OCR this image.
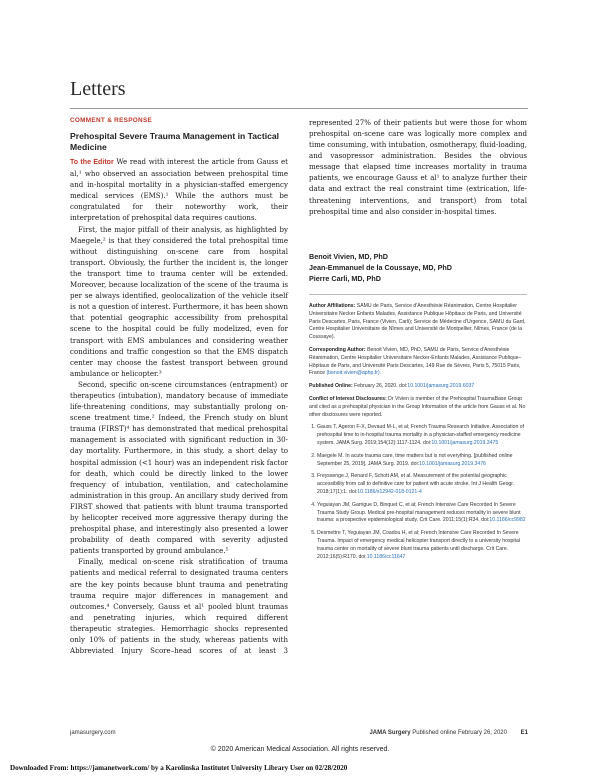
Letters
COMMENT & RESPONSE
Prehospital Severe Trauma Management in Tactical Medicine

To the Editor We read with interest the article from Gauss et al,¹ who observed an association between prehospital time and in-hospital mortality in a physician-staffed emergency medical services (EMS).¹ While the authors must be congratulated for their noteworthy work, their interpretation of prehospital data requires cautions.

First, the major pitfall of their analysis, as highlighted by Maegele,² is that they considered the total prehospital time without distinguishing on-scene care from hospital transport. Obviously, the further the incident is, the longer the transport time to trauma center will be extended. Moreover, because localization of the scene of the trauma is per se always identified, geolocalization of the vehicle itself is not a question of interest. Furthermore, it has been shown that potential geographic accessibility from prehospital scene to the hospital could be fully modelized, even for transport with EMS ambulances and considering weather conditions and traffic congestion so that the EMS dispatch center may choose the fastest transport between ground ambulance or helicopter.³

Second, specific on-scene circumstances (entrapment) or therapeutics (intubation), mandatory because of immediate life-threatening conditions, may substantially prolong on-scene treatment time.² Indeed, the French study on blunt trauma (FIRST)⁴ has demonstrated that medical prehospital management is associated with significant reduction in 30-day mortality. Furthermore, in this study, a short delay to hospital admission (<1 hour) was an independent risk factor for death, which could be directly linked to the lower frequency of intubation, ventilation, and catecholamine administration in this group. An ancillary study derived from FIRST showed that patients with blunt trauma transported by helicopter received more aggressive therapy during the prehospital phase, and interestingly also presented a lower probability of death compared with severity adjusted patients transported by ground ambulance.⁵

Finally, medical on-scene risk stratification of trauma patients and medical referral to designated trauma centers are the key points because blunt trauma and penetrating trauma require major differences in management and outcomes.⁴ Conversely, Gauss et al¹ pooled blunt traumas and penetrating injuries, which required different therapeutic strategies. Hemorrhagic shocks represented only 10% of patients in the study, whereas patients with Abbreviated Injury Score–head scores of at least 3

represented 27% of their patients but were those for whom prehospital on-scene care was logically more complex and time consuming, with intubation, osmotherapy, fluid-loading, and vasopressor administration. Besides the obvious message that elapsed time increases mortality in trauma patients, we encourage Gauss et al¹ to analyze further their data and extract the real constraint time (extrication, life-threatening interventions, and transport) from total prehospital time and also consider in-hospital times.

Benoit Vivien, MD, PhD
Jean-Emmanuel de la Coussaye, MD, PhD
Pierre Carli, MD, PhD

Author Affiliations: SAMU de Paris, Service d'Anesthésie Réanimation, Centre Hospitalier Universitaire Necker Enfants Malades, Assistance Publique Hôpitaux de Paris, and Université Paris Descartes, Paris, France (Vivien, Carli); Service de Médecine d'Urgence, SAMU du Gard, Centre Hospitalier Universitaire de Nîmes and Université de Montpellier, Nîmes, France (de la Coussaye).

Corresponding Author: Benoit Vivien, MD, PhD, SAMU de Paris, Service d'Anesthésie Réanimation, Centre Hospitalier Universitaire Necker-Enfants Malades, Assistance Publique–Hôpitaux de Paris, and Université Paris Descartes, 149 Rue de Sèvres, Paris 5, 75015 Paris, France (benoit.vivien@aphp.fr).

Published Online: February 26, 2020. doi:10.1001/jamasurg.2019.6037

Conflict of Interest Disclosures: Dr Vivien is member of the Prehospital TraumaBase Group and cited as a prehospital physician in the Group Information of the article from Gauss et al. No other disclosures were reported.

1. Gauss T, Ageron F-X, Devaud M-L, et al; French Trauma Research Initiative. Association of prehospital time to in-hospital trauma mortality in a physician-staffed emergency medicine system. JAMA Surg. 2019;154(12):1117-1124. doi:10.1001/jamasurg.2019.3475
2. Maegele M. In acute trauma care, time matters but is not everything. [published online September 25, 2019]. JAMA Surg. 2019. doi:10.1001/jamasurg.2019.3476
3. Freyssenge J, Renard F, Schott AM, et al. Measurement of the potential geographic accessibility from call to definitive care for patient with acute stroke. Int J Health Geogr. 2018;17(1):1. doi:10.1186/s12942-018-0121-4
4. Yeguiayan JM, Garrigue D, Binquet C, et al; French Intensive Care Recorded In Severe Trauma Study Group. Medical pre-hospital management reduces mortality in severe blunt trauma: a prospective epidemiological study. Crit Care. 2011;15(1):R34. doi:10.1186/cc9982
5. Desmettre T, Yeguiayan JM, Coadou H, et al; French Intensive Care Recorded In Severe Trauma. Impact of emergency medical helicopter transport directly to a university hospital trauma center on mortality of severe blunt trauma patients until discharge. Crit Care. 2012;16(5):R170. doi:10.1186/cc11647
jamasurgery.com	JAMA Surgery Published online February 26, 2020 E1
© 2020 American Medical Association. All rights reserved.
Downloaded From: https://jamanetwork.com/ by a Karolinska Institutet University Library User on 02/28/2020
